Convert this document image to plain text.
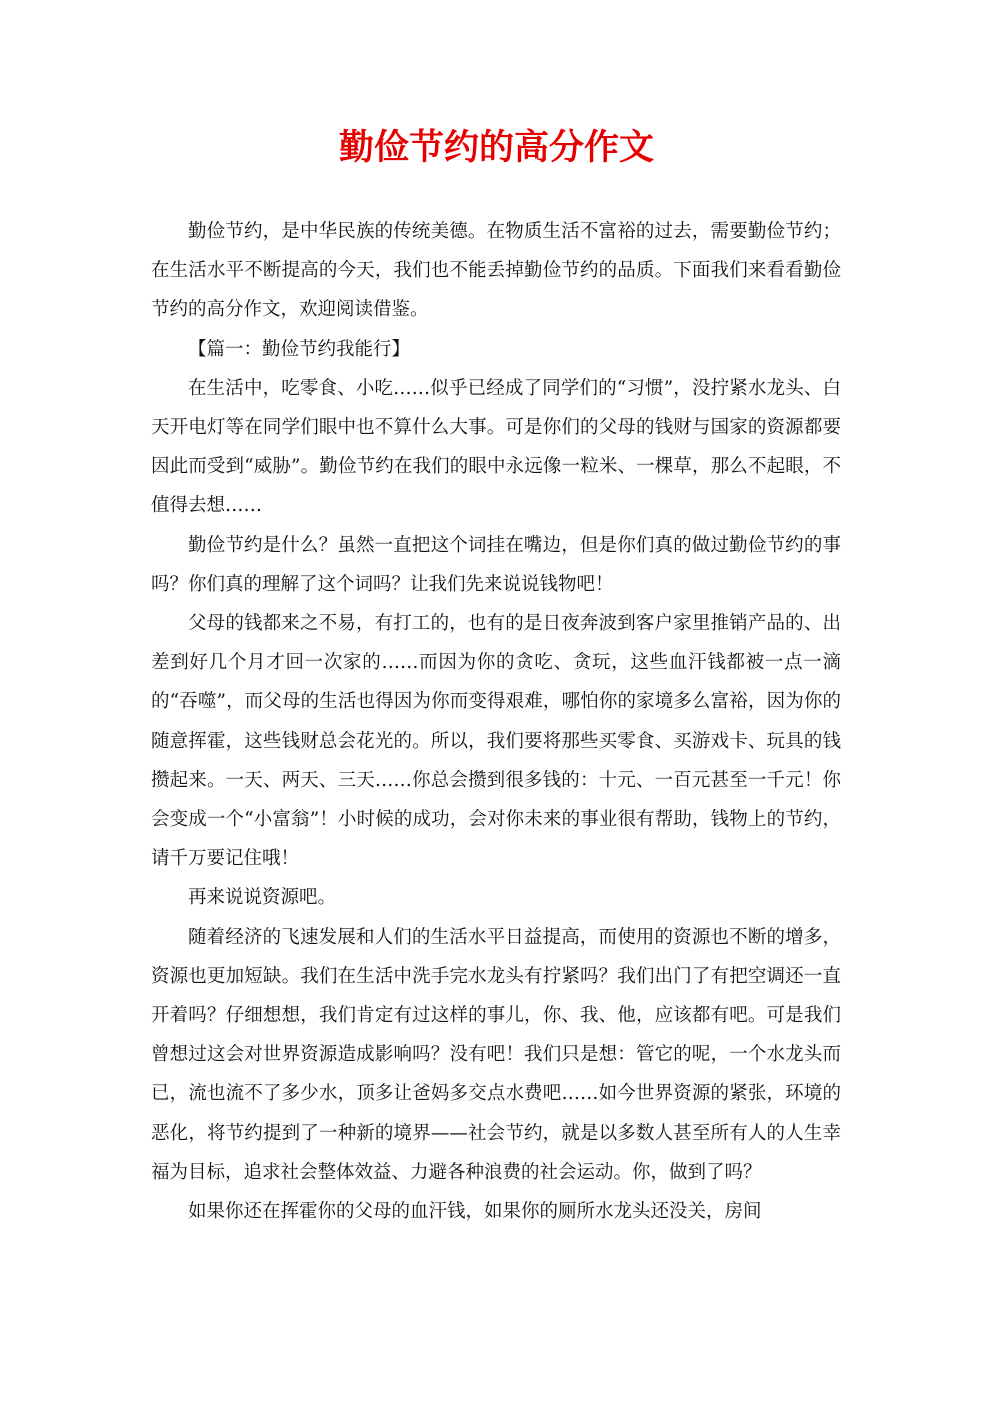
勤俭节约的高分作文

勤俭节约，是中华民族的传统美德。在物质生活不富裕的过去，需要勤俭节约；在生活水平不断提高的今天，我们也不能丢掉勤俭节约的品质。下面我们来看看勤俭节约的高分作文，欢迎阅读借鉴。

【篇一：勤俭节约我能行】

在生活中，吃零食、小吃……似乎已经成了同学们的“习惯”，没拧紧水龙头、白天开电灯等在同学们眼中也不算什么大事。可是你们的父母的钱财与国家的资源都要因此而受到“威胁”。勤俭节约在我们的眼中永远像一粒米、一棵草，那么不起眼，不值得去想……

勤俭节约是什么？虽然一直把这个词挂在嘴边，但是你们真的做过勤俭节约的事吗？你们真的理解了这个词吗？让我们先来说说钱物吧！

父母的钱都来之不易，有打工的，也有的是日夜奔波到客户家里推销产品的、出差到好几个月才回一次家的……而因为你的贪吃、贪玩，这些血汗钱都被一点一滴的“吞噬”，而父母的生活也得因为你而变得艰难，哪怕你的家境多么富裕，因为你的随意挥霍，这些钱财总会花光的。所以，我们要将那些买零食、买游戏卡、玩具的钱攒起来。一天、两天、三天……你总会攒到很多钱的：十元、一百元甚至一千元！你会变成一个“小富翁”！小时候的成功，会对你未来的事业很有帮助，钱物上的节约，请千万要记住哦！

再来说说资源吧。

随着经济的飞速发展和人们的生活水平日益提高，而使用的资源也不断的增多，资源也更加短缺。我们在生活中洗手完水龙头有拧紧吗？我们出门了有把空调还一直开着吗？仔细想想，我们肯定有过这样的事儿，你、我、他，应该都有吧。可是我们曾想过这会对世界资源造成影响吗？没有吧！我们只是想：管它的呢，一个水龙头而已，流也流不了多少水，顶多让爸妈多交点水费吧……如今世界资源的紧张，环境的恶化，将节约提到了一种新的境界——社会节约，就是以多数人甚至所有人的人生幸福为目标，追求社会整体效益、力避各种浪费的社会运动。你，做到了吗？

如果你还在挥霍你的父母的血汗钱，如果你的厕所水龙头还没关，房间
